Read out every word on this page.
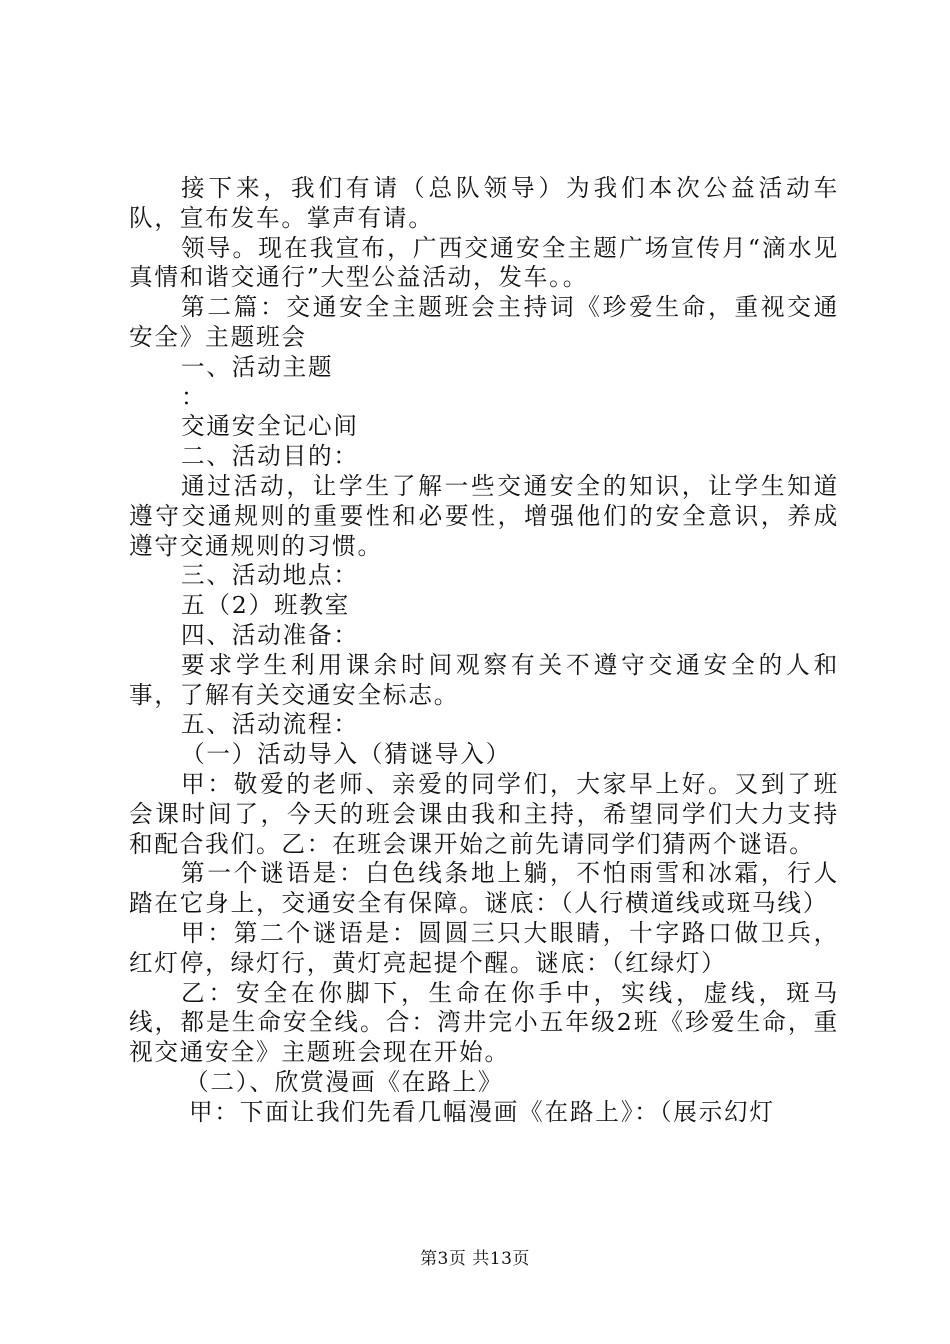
接下来，我们有请（总队领导）为我们本次公益活动车队，宣布发车。掌声有请。

领导。现在我宣布，广西交通安全主题广场宣传月“滴水见真情和谐交通行”大型公益活动，发车。。

第二篇：交通安全主题班会主持词《珍爱生命，重视交通安全》主题班会

一、活动主题

：

交通安全记心间

二、活动目的：

通过活动，让学生了解一些交通安全的知识，让学生知道遵守交通规则的重要性和必要性，增强他们的安全意识，养成遵守交通规则的习惯。

三、活动地点：

五（2）班教室

四、活动准备：

要求学生利用课余时间观察有关不遵守交通安全的人和事，了解有关交通安全标志。

五、活动流程：

（一）活动导入（猜谜导入）

甲：敬爱的老师、亲爱的同学们，大家早上好。又到了班会课时间了，今天的班会课由我和主持，希望同学们大力支持和配合我们。乙：在班会课开始之前先请同学们猜两个谜语。

第一个谜语是：白色线条地上躺，不怕雨雪和冰霜，行人踏在它身上，交通安全有保障。谜底：（人行横道线或斑马线）

甲：第二个谜语是：圆圆三只大眼睛，十字路口做卫兵，红灯停，绿灯行，黄灯亮起提个醒。谜底：（红绿灯）

乙：安全在你脚下，生命在你手中，实线，虚线，斑马线，都是生命安全线。合：湾井完小五年级2班《珍爱生命，重视交通安全》主题班会现在开始。

（二）、欣赏漫画《在路上》

甲：下面让我们先看几幅漫画《在路上》：（展示幻灯

第3页 共13页
